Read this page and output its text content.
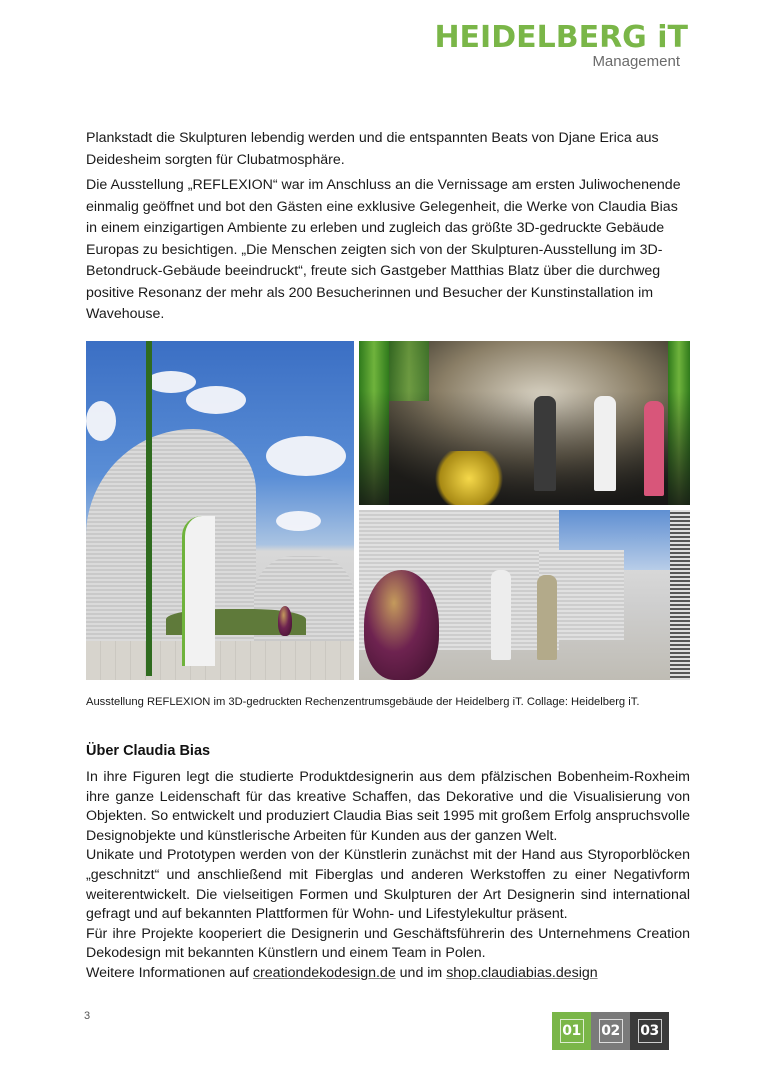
HEIDELBERG iT
Management

Plankstadt die Skulpturen lebendig werden und die entspannten Beats von Djane Erica aus Deidesheim sorgten für Clubatmosphäre.

Die Ausstellung „REFLEXION“ war im Anschluss an die Vernissage am ersten Juliwochenende einmalig geöffnet und bot den Gästen eine exklusive Gelegenheit, die Werke von Claudia Bias in einem einzigartigen Ambiente zu erleben und zugleich das größte 3D-gedruckte Gebäude Europas zu besichtigen. „Die Menschen zeigten sich von der Skulpturen-Ausstellung im 3D-Betondruck-Gebäude beeindruckt“, freute sich Gastgeber Matthias Blatz über die durchweg positive Resonanz der mehr als 200 Besucherinnen und Besucher der Kunstinstallation im Wavehouse.

Ausstellung REFLEXION im 3D-gedruckten Rechenzentrumsgebäude der Heidelberg iT. Collage: Heidelberg iT.

Über Claudia Bias
In ihre Figuren legt die studierte Produktdesignerin aus dem pfälzischen Bobenheim-Roxheim ihre ganze Leidenschaft für das kreative Schaffen, das Dekorative und die Visualisierung von Objekten. So entwickelt und produziert Claudia Bias seit 1995 mit großem Erfolg anspruchsvolle Designobjekte und künstlerische Arbeiten für Kunden aus der ganzen Welt.
Unikate und Prototypen werden von der Künstlerin zunächst mit der Hand aus Styroporblöcken „geschnitzt“ und anschließend mit Fiberglas und anderen Werkstoffen zu einer Negativform weiterentwickelt. Die vielseitigen Formen und Skulpturen der Art Designerin sind international gefragt und auf bekannten Plattformen für Wohn- und Lifestylekultur präsent.
Für ihre Projekte kooperiert die Designerin und Geschäftsführerin des Unternehmens Creation Dekodesign mit bekannten Künstlern und einem Team in Polen.
Weitere Informationen auf creationdekodesign.de und im shop.claudiabias.design
3
01 02 03
